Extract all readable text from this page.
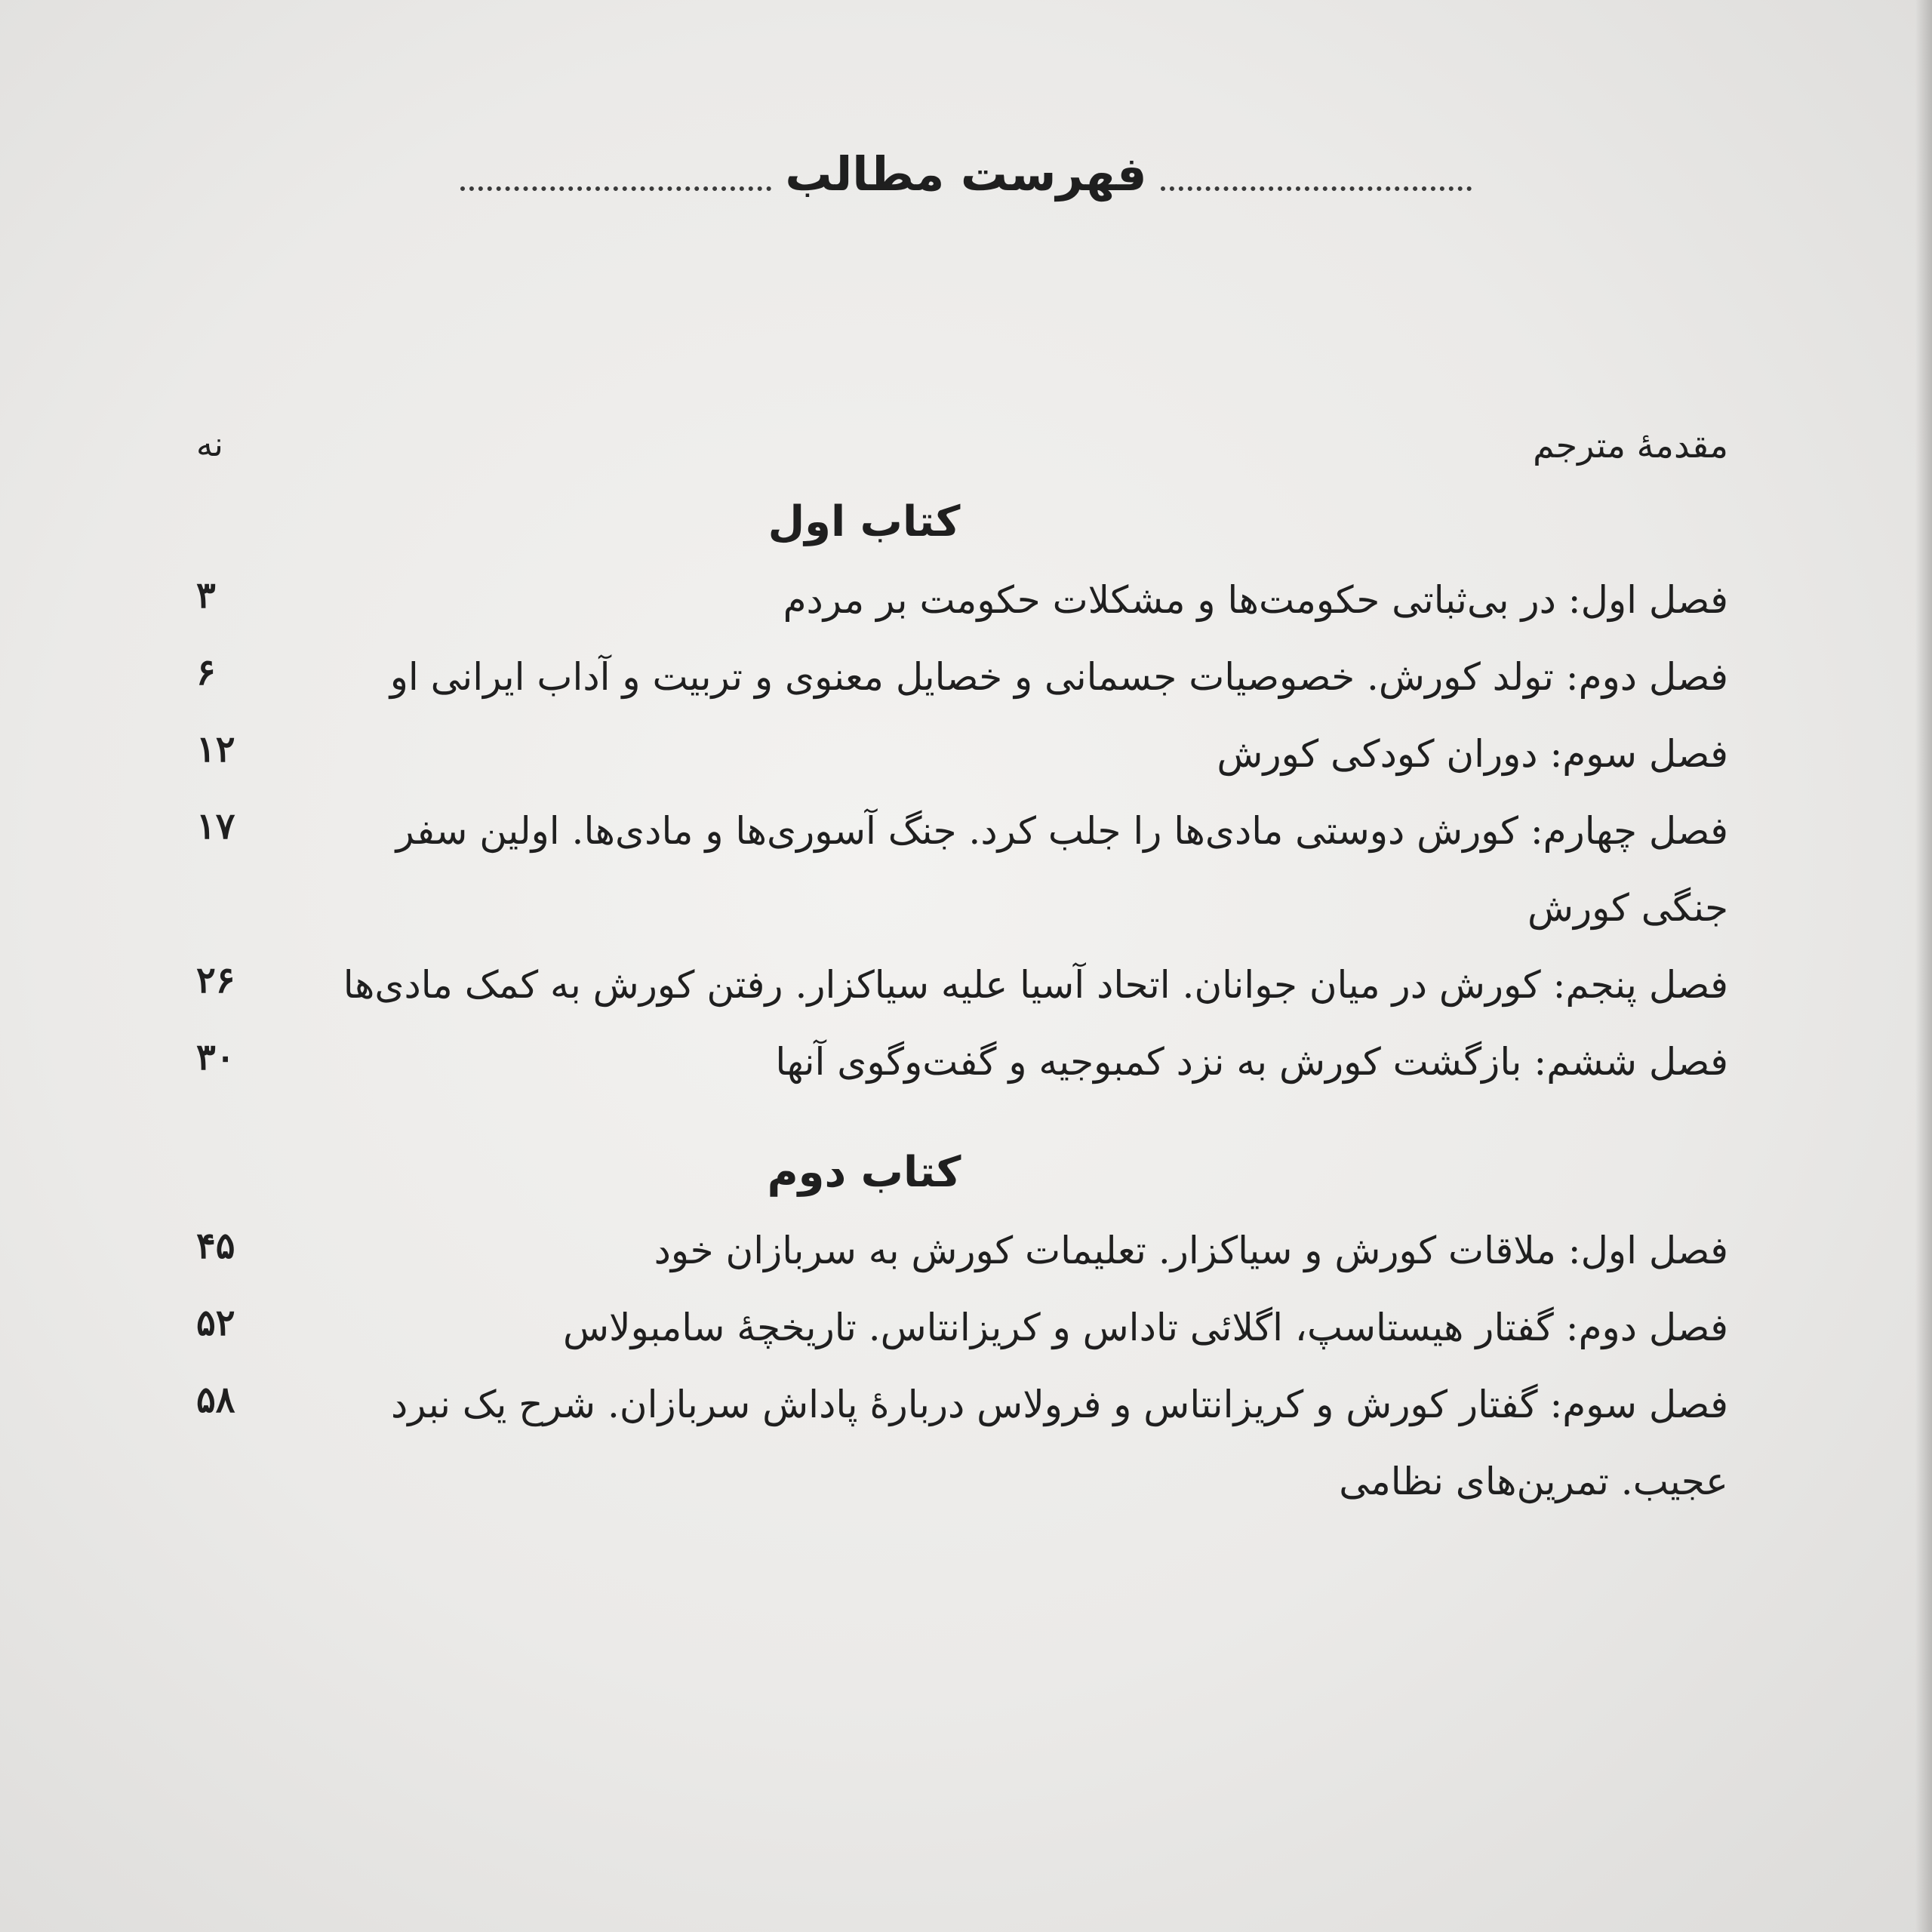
فهرست مطالب
مقدمهٔ مترجم
نه
کتاب اول
فصل اول: در بی‌ثباتی حکومت‌ها و مشکلات حکومت بر مردم
۳
فصل دوم: تولد کورش. خصوصیات جسمانی و خصایل معنوی و تربیت و آداب ایرانی او
۶
فصل سوم: دوران کودکی کورش
۱۲
فصل چهارم: کورش دوستی مادی‌ها را جلب کرد. جنگ آسوری‌ها و مادی‌ها. اولین سفر جنگی کورش
۱۷
فصل پنجم: کورش در میان جوانان. اتحاد آسیا علیه سیاکزار. رفتن کورش به کمک مادی‌ها
۲۶
فصل ششم: بازگشت کورش به نزد کمبوجیه و گفت‌وگوی آنها
۳۰
کتاب دوم
فصل اول: ملاقات کورش و سیاکزار. تعلیمات کورش به سربازان خود
۴۵
فصل دوم: گفتار هیستاسپ، اگلائی تاداس و کریزانتاس. تاریخچهٔ سامبولاس
۵۲
فصل سوم: گفتار کورش و کریزانتاس و فرولاس دربارهٔ پاداش سربازان. شرح یک نبرد عجیب. تمرین‌های نظامی
۵۸
